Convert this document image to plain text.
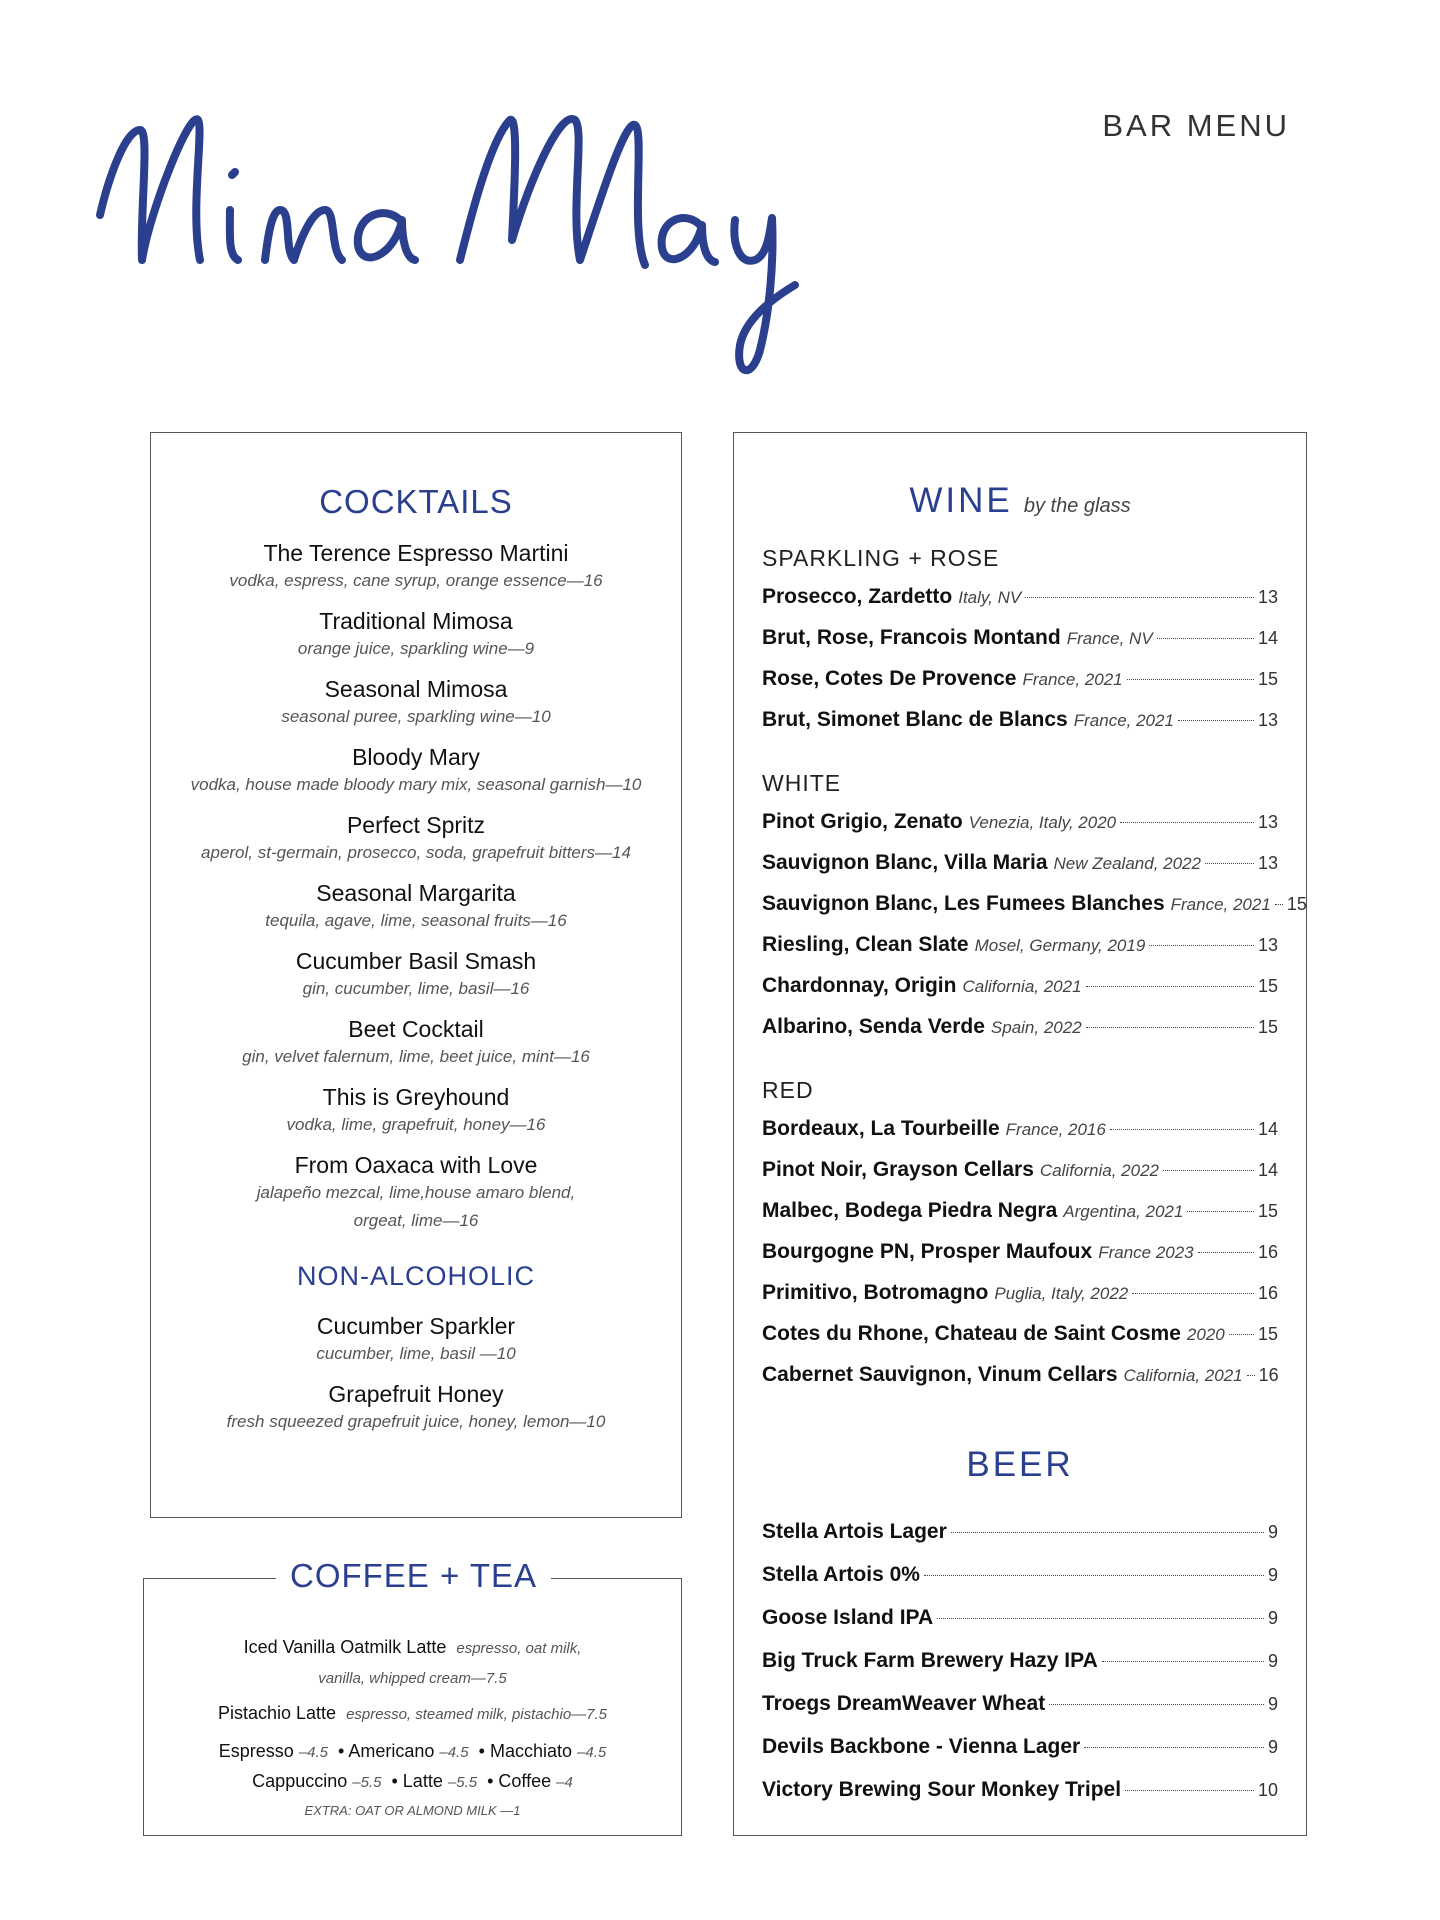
BAR MENU
COCKTAILS
The Terence Espresso Martini
vodka, espress, cane syrup, orange essence—16
Traditional Mimosa
orange juice, sparkling wine—9
Seasonal Mimosa
seasonal puree, sparkling wine—10
Bloody Mary
vodka, house made bloody mary mix, seasonal garnish—10
Perfect Spritz
aperol, st-germain, prosecco, soda, grapefruit bitters—14
Seasonal Margarita
tequila, agave, lime, seasonal fruits—16
Cucumber Basil Smash
gin, cucumber, lime, basil—16
Beet Cocktail
gin, velvet falernum, lime, beet juice, mint—16
This is Greyhound
vodka, lime, grapefruit, honey—16
From Oaxaca with Love
jalapeño mezcal, lime,house amaro blend,
orgeat, lime—16
NON-ALCOHOLIC
Cucumber Sparkler
cucumber, lime, basil —10
Grapefruit Honey
fresh squeezed grapefruit juice, honey, lemon—10
COFFEE + TEA
Iced Vanilla Oatmilk Latte espresso, oat milk,
vanilla, whipped cream—7.5
Pistachio Latte espresso, steamed milk, pistachio—7.5
Espresso –4.5 • Americano –4.5 • Macchiato –4.5
Cappuccino –5.5 • Latte –5.5 • Coffee –4
EXTRA: OAT OR ALMOND MILK —1
WINE by the glass
SPARKLING + ROSE
Prosecco, Zardetto Italy, NV	13
Brut, Rose, Francois Montand France, NV	14
Rose, Cotes De Provence France, 2021	15
Brut, Simonet Blanc de Blancs France, 2021	13
WHITE
Pinot Grigio, Zenato Venezia, Italy, 2020	13
Sauvignon Blanc, Villa Maria New Zealand, 2022	13
Sauvignon Blanc, Les Fumees Blanches France, 2021 15
Riesling, Clean Slate Mosel, Germany, 2019	13
Chardonnay, Origin California, 2021	15
Albarino, Senda Verde Spain, 2022	15
RED
Bordeaux, La Tourbeille France, 2016	14
Pinot Noir, Grayson Cellars California, 2022	14
Malbec, Bodega Piedra Negra Argentina, 2021	15
Bourgogne PN, Prosper Maufoux France 2023	16
Primitivo, Botromagno Puglia, Italy, 2022	16
Cotes du Rhone, Chateau de Saint Cosme 2020 15
Cabernet Sauvignon, Vinum Cellars California, 2021 16
BEER
Stella Artois Lager	9
Stella Artois 0%	9
Goose Island IPA	9
Big Truck Farm Brewery Hazy IPA	9
Troegs DreamWeaver Wheat	9
Devils Backbone - Vienna Lager	9
Victory Brewing Sour Monkey Tripel	10
